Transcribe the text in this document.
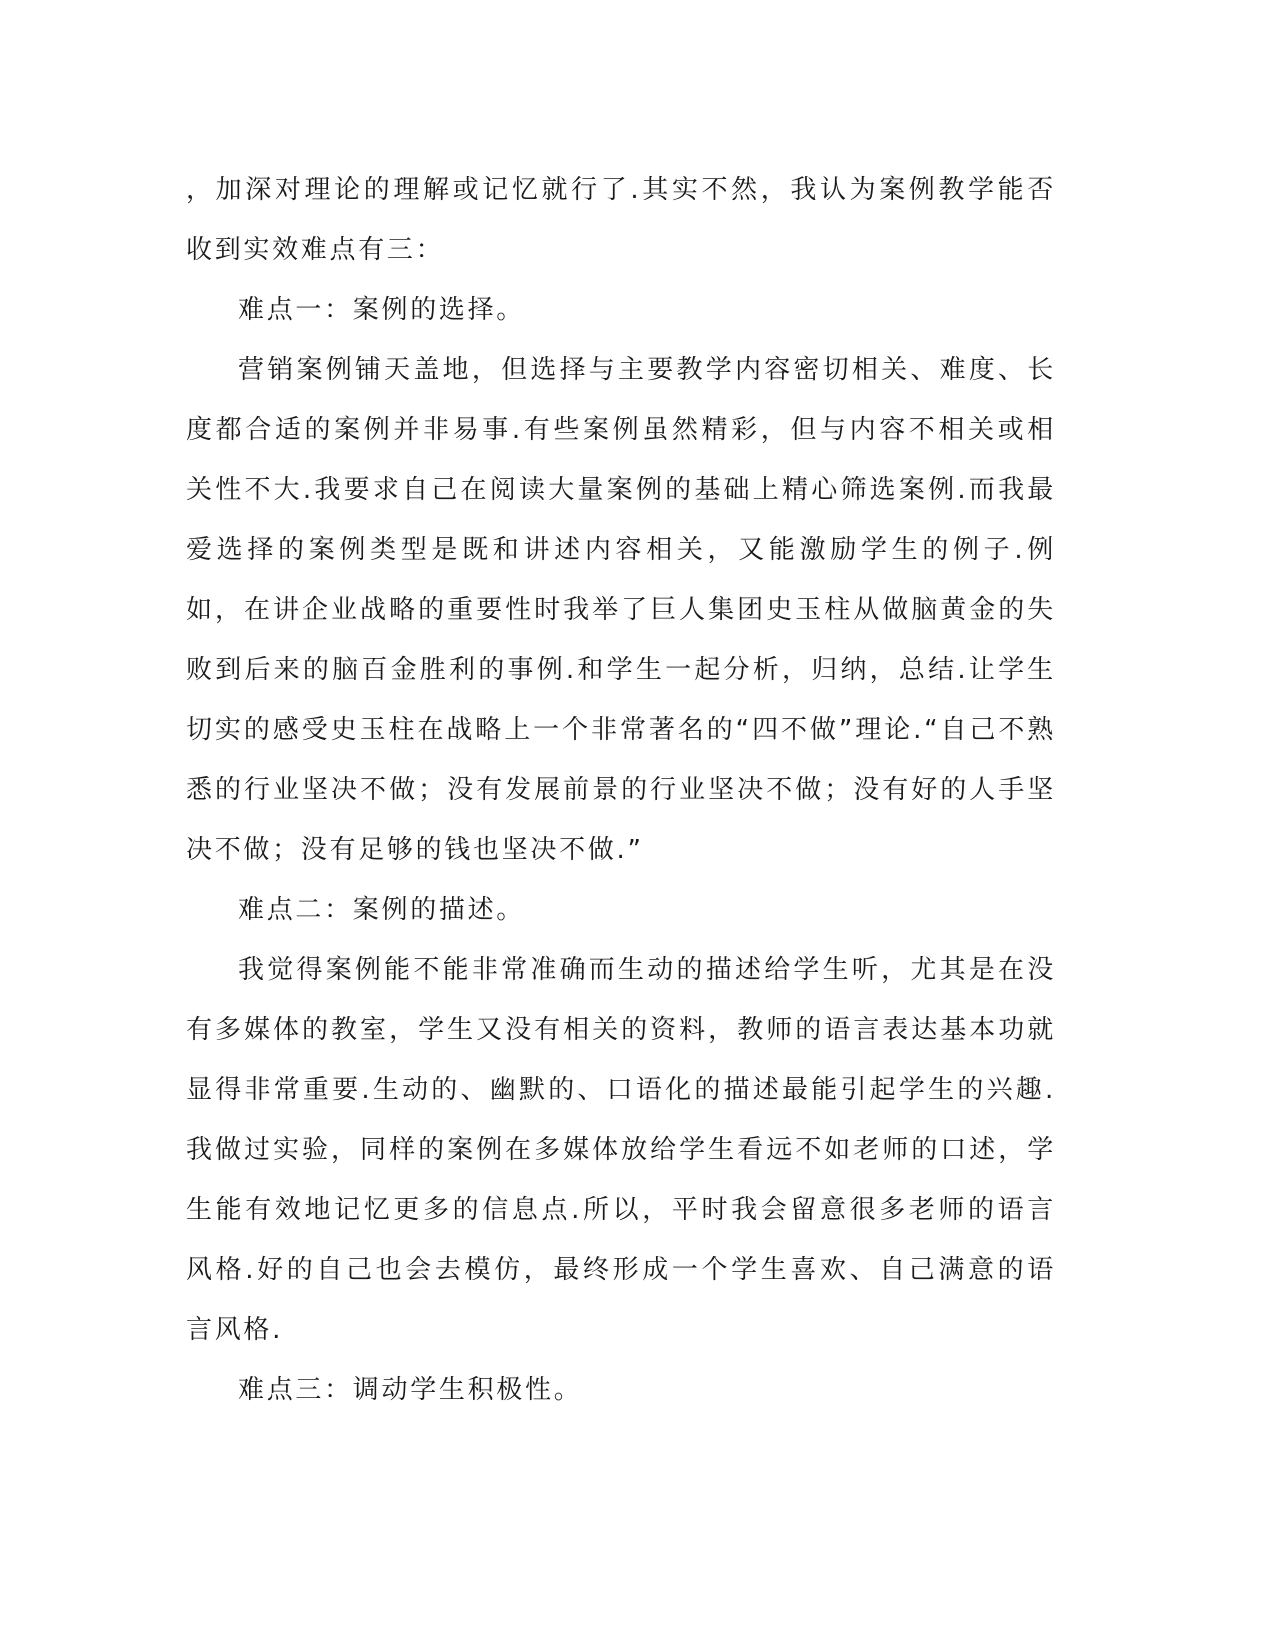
，加深对理论的理解或记忆就行了.其实不然，我认为案例教学能否收到实效难点有三：

难点一：案例的选择。

营销案例铺天盖地，但选择与主要教学内容密切相关、难度、长度都合适的案例并非易事.有些案例虽然精彩，但与内容不相关或相关性不大.我要求自己在阅读大量案例的基础上精心筛选案例.而我最爱选择的案例类型是既和讲述内容相关，又能激励学生的例子.例如，在讲企业战略的重要性时我举了巨人集团史玉柱从做脑黄金的失败到后来的脑百金胜利的事例.和学生一起分析，归纳，总结.让学生切实的感受史玉柱在战略上一个非常著名的“四不做”理论.“自己不熟悉的行业坚决不做；没有发展前景的行业坚决不做；没有好的人手坚决不做；没有足够的钱也坚决不做.”

难点二：案例的描述。

我觉得案例能不能非常准确而生动的描述给学生听，尤其是在没有多媒体的教室，学生又没有相关的资料，教师的语言表达基本功就显得非常重要.生动的、幽默的、口语化的描述最能引起学生的兴趣.我做过实验，同样的案例在多媒体放给学生看远不如老师的口述，学生能有效地记忆更多的信息点.所以，平时我会留意很多老师的语言风格.好的自己也会去模仿，最终形成一个学生喜欢、自己满意的语言风格.

难点三：调动学生积极性。
